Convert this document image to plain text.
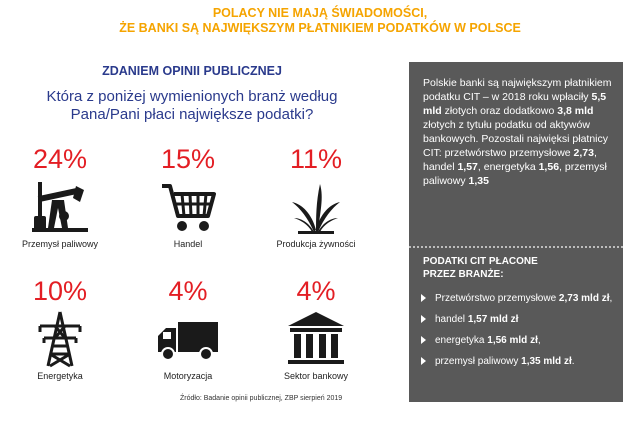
POLACY NIE MAJĄ ŚWIADOMOŚCI,
ŻE BANKI SĄ NAJWIĘKSZYM PŁATNIKIEM PODATKÓW W POLSCE
ZDANIEM OPINII PUBLICZNEJ
Która z poniżej wymienionych branż według
Pana/Pani płaci największe podatki?
24%
Przemysł paliwowy
15%
Handel
11%
Produkcja żywności
10%
Energetyka
4%
Motoryzacja
4%
Sektor bankowy
Źródło: Badanie opinii publicznej, ZBP sierpień 2019
Polskie banki są największym płatnikiem podatku CIT – w 2018 roku wpłaciły 5,5 mld złotych oraz dodatkowo 3,8 mld złotych z tytułu podatku od aktywów bankowych. Pozostali najwięksi płatnicy CIT: przetwórstwo przemysłowe 2,73, handel 1,57, energetyka 1,56, przemysł paliwowy 1,35
PODATKI CIT PŁACONE
PRZEZ BRANŻE:
Przetwórstwo przemysłowe 2,73 mld zł,
handel 1,57 mld zł
energetyka 1,56 mld zł,
przemysł paliwowy 1,35 mld zł.
